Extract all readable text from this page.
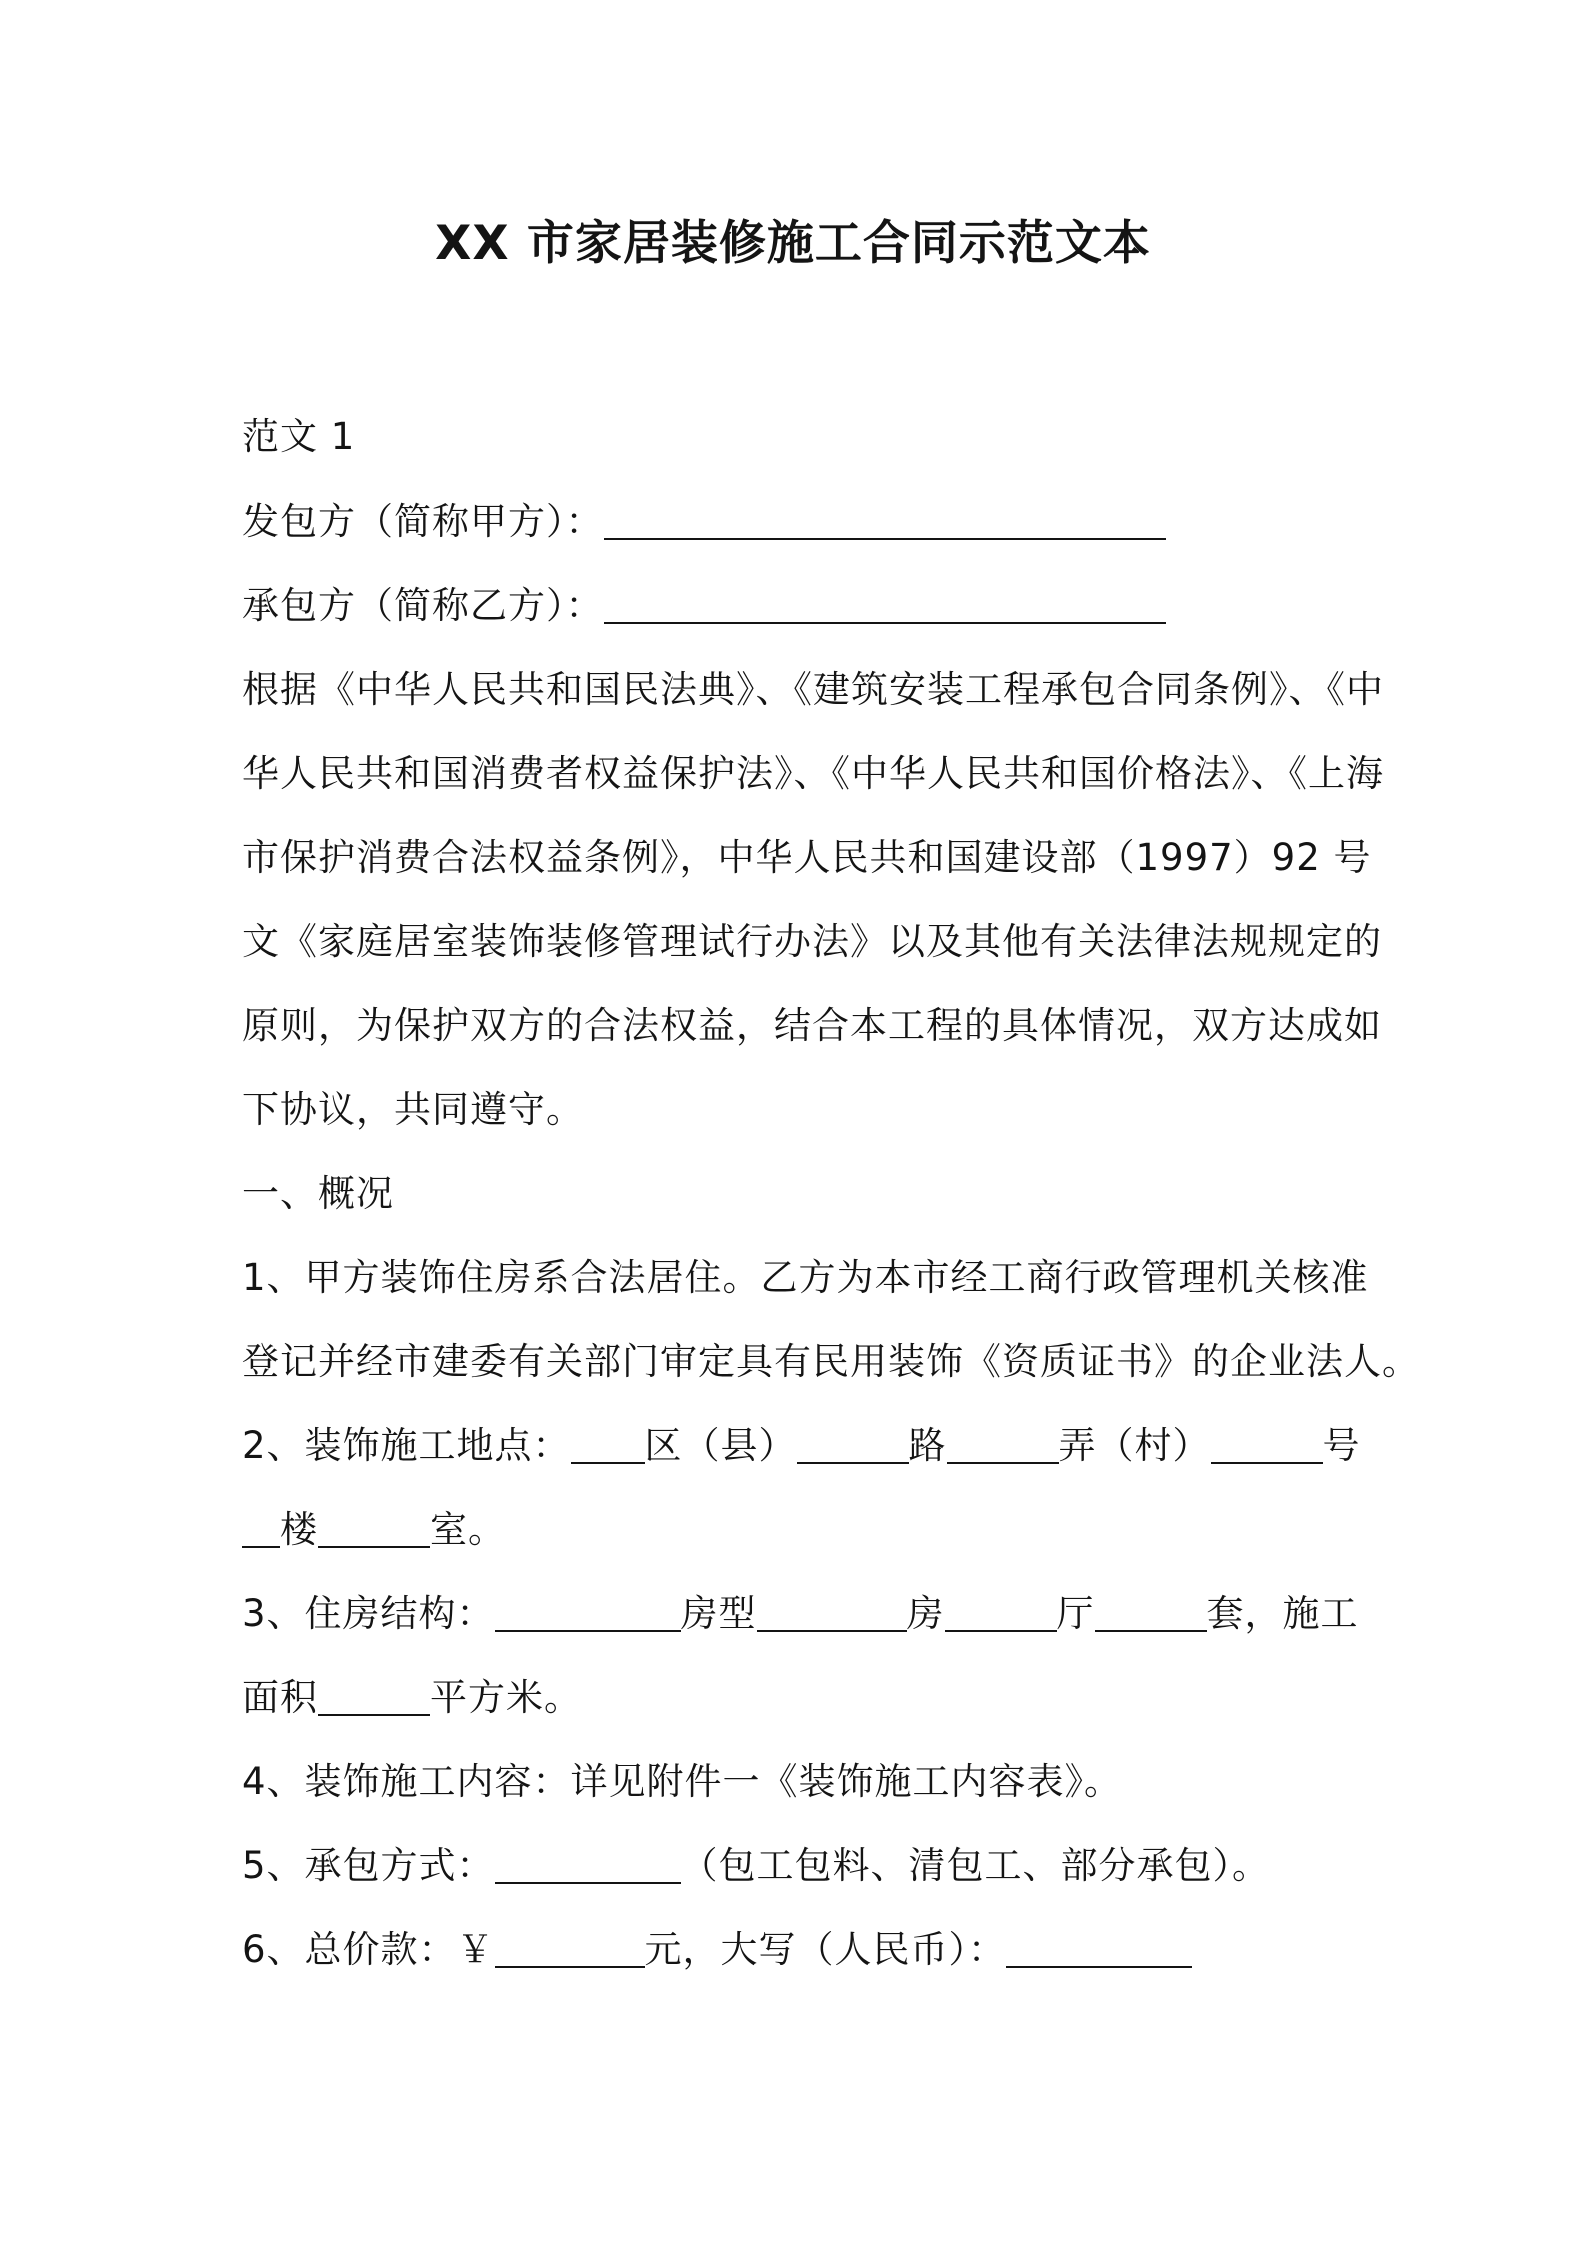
XX 市家居装修施工合同示范文本
范文 1
发包方（简称甲方）：
承包方（简称乙方）：
根据《中华人民共和国民法典》、《建筑安装工程承包合同条例》、《中
华人民共和国消费者权益保护法》、《中华人民共和国价格法》、《上海
市保护消费合法权益条例》，中华人民共和国建设部（1997）92 号
文《家庭居室装饰装修管理试行办法》以及其他有关法律法规规定的
原则，为保护双方的合法权益，结合本工程的具体情况，双方达成如
下协议，共同遵守。
一、概况
1、甲方装饰住房系合法居住。乙方为本市经工商行政管理机关核准
登记并经市建委有关部门审定具有民用装饰《资质证书》的企业法人。
2、装饰施工地点： 区（县）	路	弄（村）	号
楼	室。
3、住房结构：	房型	房	厅	套，施工
面积	平方米。
4、装饰施工内容：详见附件一《装饰施工内容表》。
5、承包方式：	（包工包料、清包工、部分承包）。
6、总价款：￥	元，大写（人民币）：
